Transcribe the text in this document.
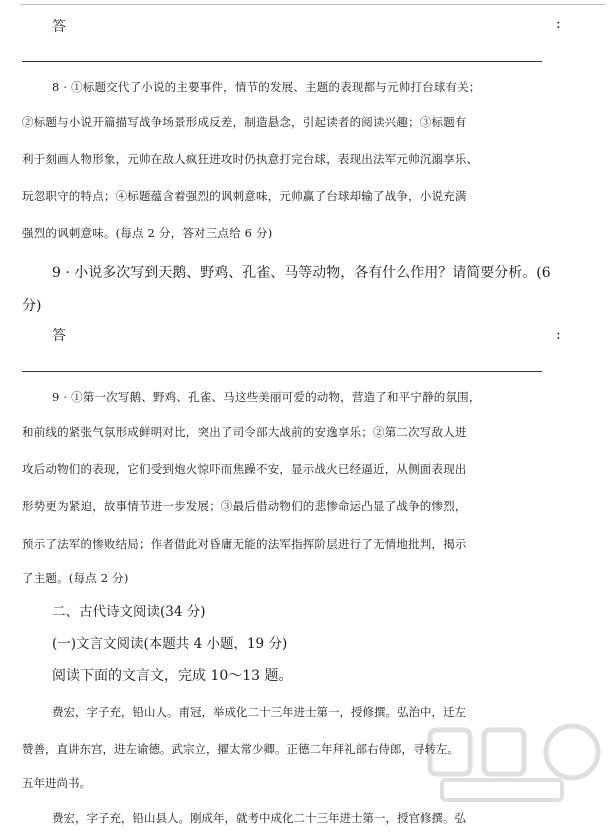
答	:
8 · ①标题交代了小说的主要事件，情节的发展、主题的表现都与元帅打台球有关；
②标题与小说开篇描写战争场景形成反差，制造悬念，引起读者的阅读兴趣；③标题有
利于刻画人物形象，元帅在敌人疯狂进攻时仍执意打完台球，表现出法军元帅沉溺享乐、
玩忽职守的特点；④标题蕴含着强烈的讽刺意味，元帅赢了台球却输了战争，小说充满
强烈的讽刺意味。(每点 2 分，答对三点给 6 分)
9 · 小说多次写到天鹅、野鸡、孔雀、马等动物，各有什么作用？请简要分析。(6
分)
答	:
9 · ①第一次写鹅、野鸡、孔雀、马这些美丽可爱的动物，营造了和平宁静的氛围，
和前线的紧张气氛形成鲜明对比，突出了司令部大战前的安逸享乐；②第二次写敌人进
攻后动物们的表现，它们受到炮火惊吓而焦躁不安，显示战火已经逼近，从侧面表现出
形势更为紧迫，故事情节进一步发展；③最后借动物们的悲惨命运凸显了战争的惨烈，
预示了法军的惨败结局；作者借此对昏庸无能的法军指挥阶层进行了无情地批判，揭示
了主题。(每点 2 分)
二、古代诗文阅读(34 分)
(一)文言文阅读(本题共 4 小题，19 分)
阅读下面的文言文，完成 10～13 题。
费宏，字子充，铅山人。甫冠，举成化二十三年进士第一，授修撰。弘治中，迁左
赞善，直讲东宫，进左谕德。武宗立，擢太常少卿。正德二年拜礼部右侍郎，寻转左。
五年进尚书。
费宏，字子充，铅山县人。刚成年，就考中成化二十三年进士第一，授官修撰。弘
